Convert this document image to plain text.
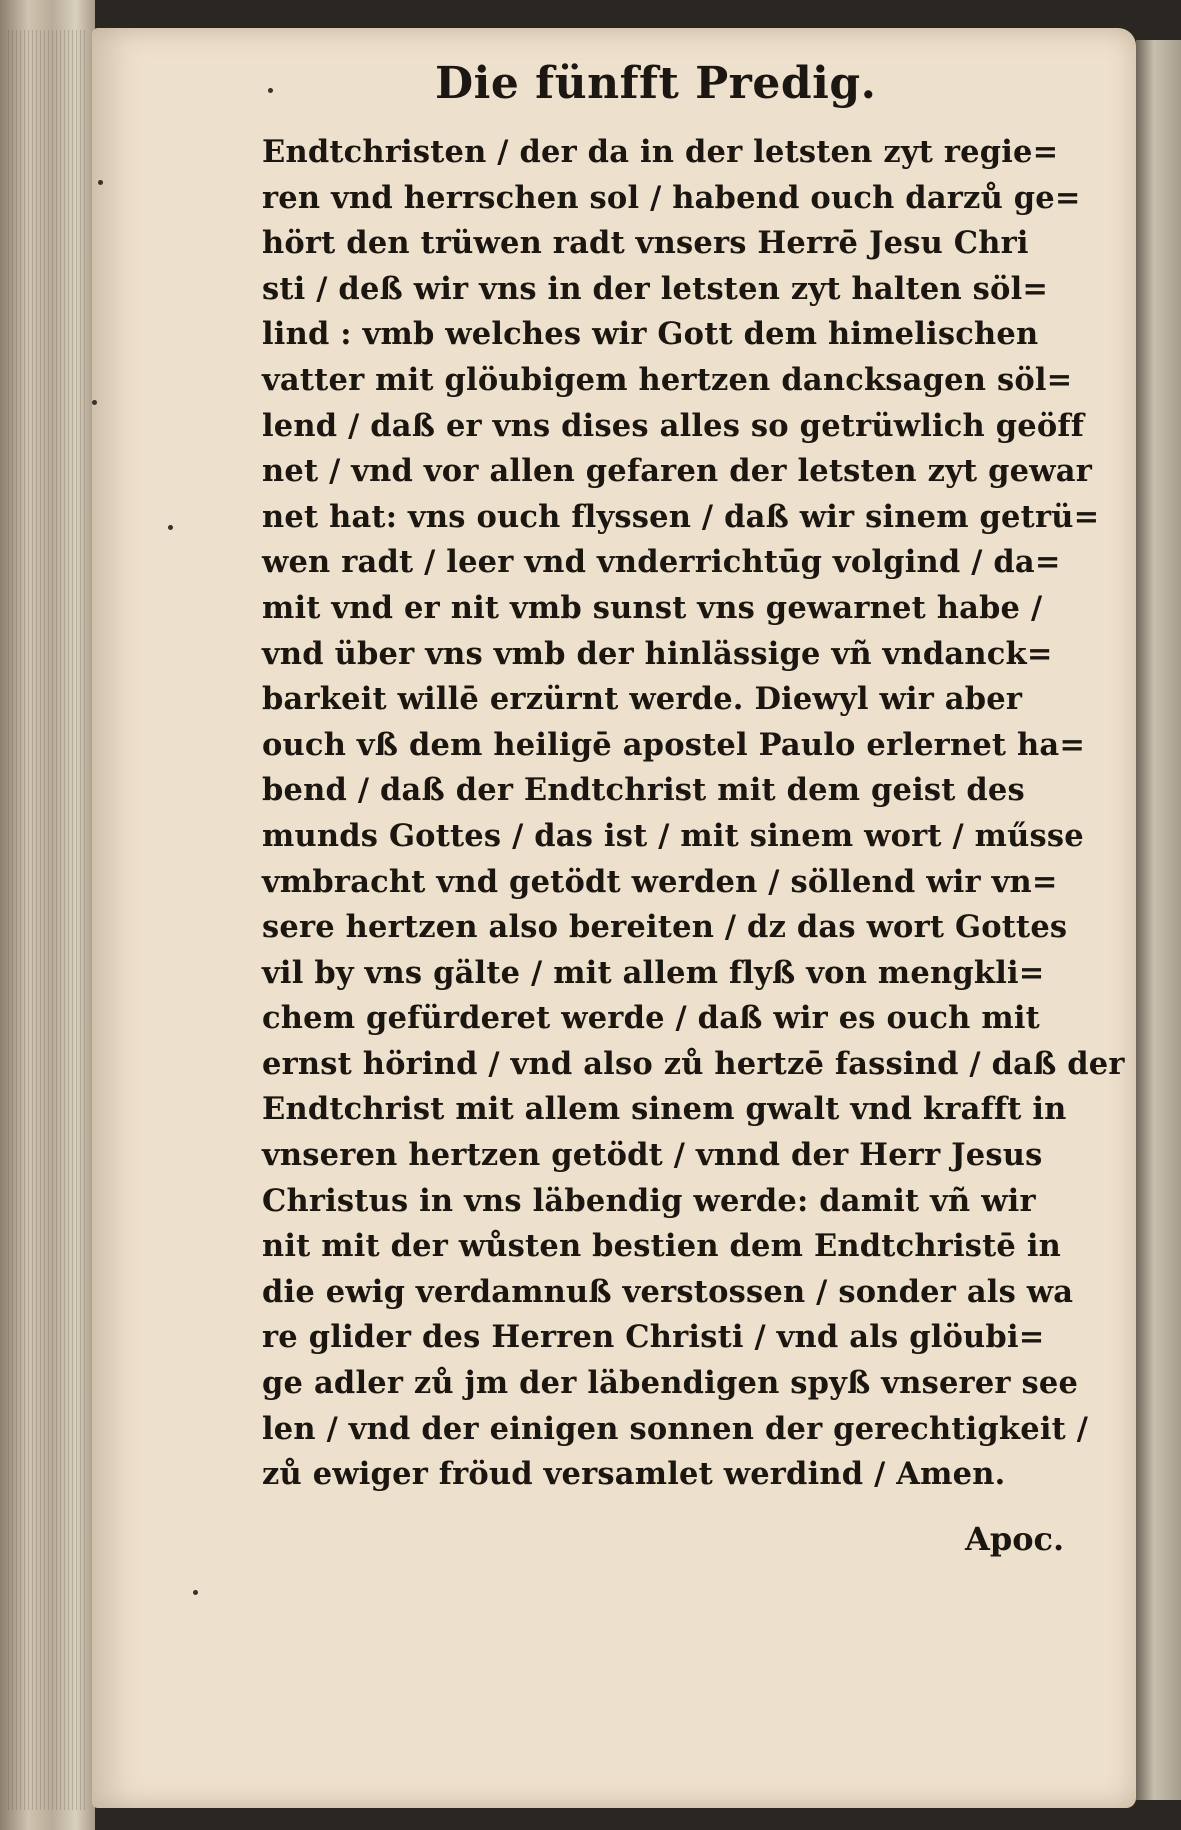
Die fünfft Predig.
Endtchristen / der da in der letsten zyt regie=
ren vnd herrschen sol / habend ouch darzů ge=
hört den trüwen radt vnsers Herrē Jesu Chri
sti / deß wir vns in der letsten zyt halten söl=
lind : vmb welches wir Gott dem himelischen
vatter mit glöubigem hertzen dancksagen söl=
lend / daß er vns dises alles so getrüwlich geöff
net / vnd vor allen gefaren der letsten zyt gewar
net hat: vns ouch flyssen / daß wir sinem getrü=
wen radt / leer vnd vnderrichtūg volgind / da=
mit vnd er nit vmb sunst vns gewarnet habe /
vnd über vns vmb der hinlässige vñ vndanck=
barkeit willē erzürnt werde. Diewyl wir aber
ouch vß dem heiligē apostel Paulo erlernet ha=
bend / daß der Endtchrist mit dem geist des
munds Gottes / das ist / mit sinem wort / műsse
vmbracht vnd getödt werden / söllend wir vn=
sere hertzen also bereiten / dz das wort Gottes
vil by vns gälte / mit allem flyß von mengkli=
chem gefürderet werde / daß wir es ouch mit
ernst hörind / vnd also zů hertzē fassind / daß der
Endtchrist mit allem sinem gwalt vnd krafft in
vnseren hertzen getödt / vnnd der Herr Jesus
Christus in vns läbendig werde: damit vñ wir
nit mit der wůsten bestien dem Endtchristē in
die ewig verdamnuß verstossen / sonder als wa
re glider des Herren Christi / vnd als glöubi=
ge adler zů jm der läbendigen spyß vnserer see
len / vnd der einigen sonnen der gerechtigkeit /
zů ewiger fröud versamlet werdind / Amen.
Apoc.
